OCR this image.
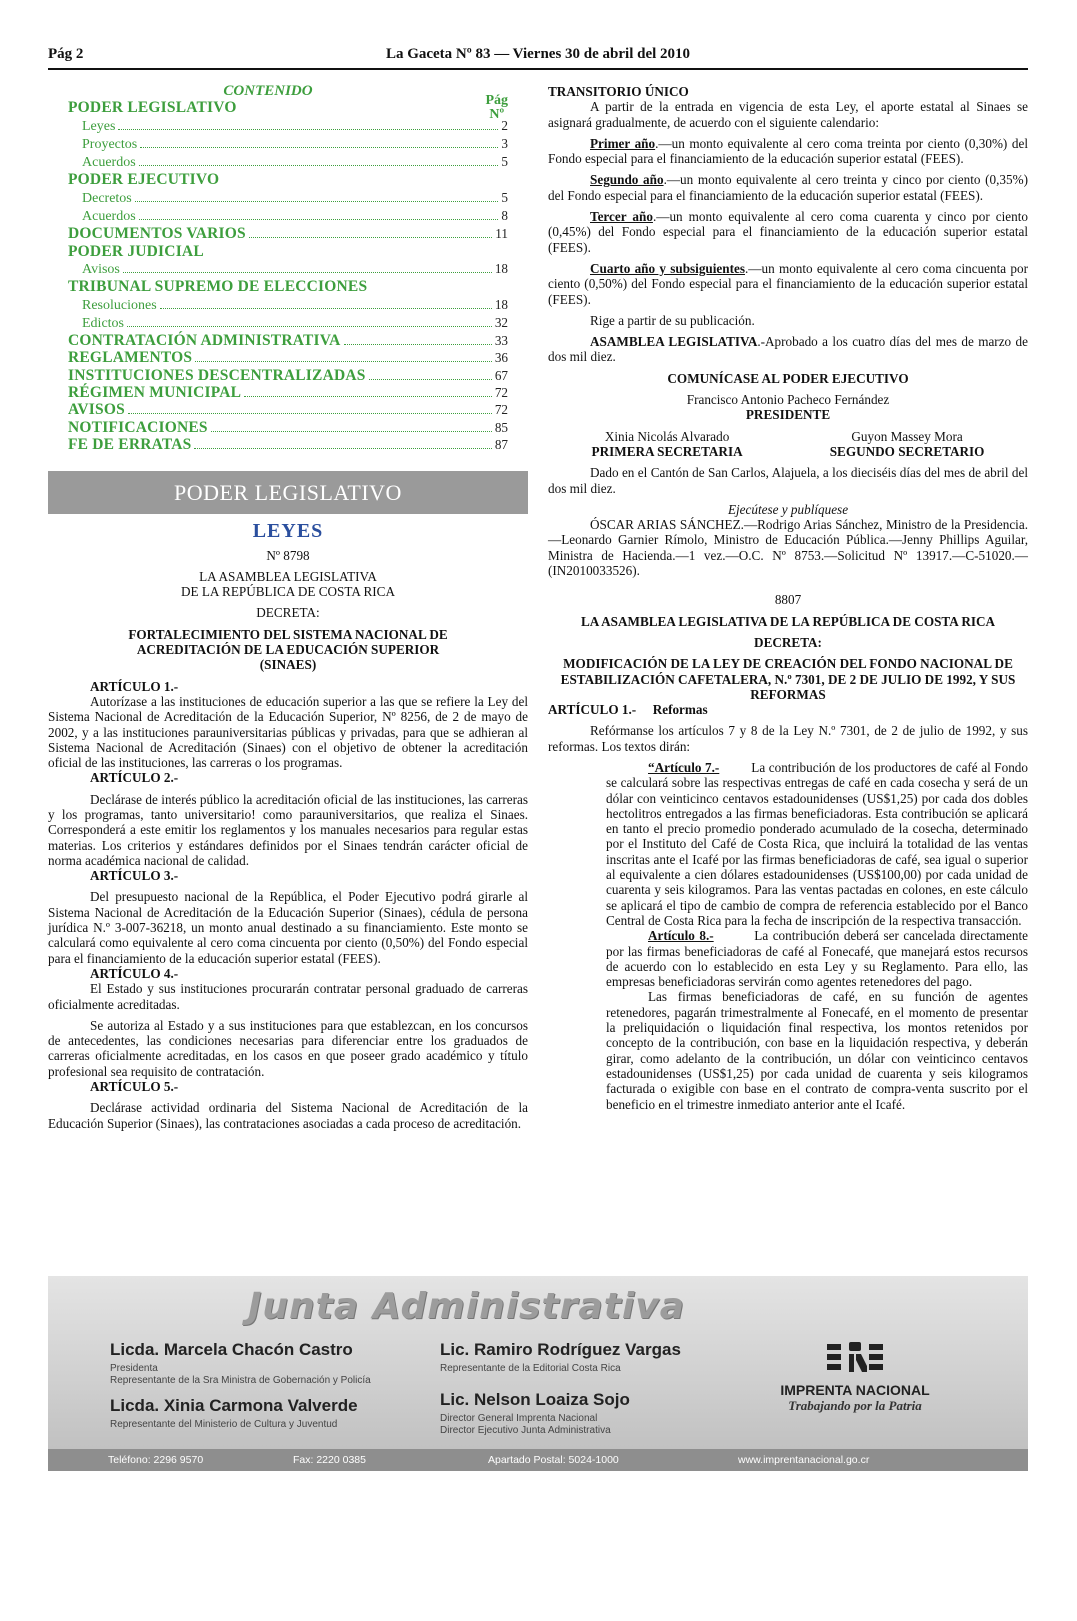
La Gaceta Nº 83 — Viernes 30 de abril del 2010
Pág 2
CONTENIDO
Pág
Nº
PODER LEGISLATIVO
Leyes	2
Proyectos	3
Acuerdos	5
PODER EJECUTIVO
Decretos	5
Acuerdos	8
DOCUMENTOS VARIOS	11
PODER JUDICIAL
Avisos	18
TRIBUNAL SUPREMO DE ELECCIONES
Resoluciones	18
Edictos	32
CONTRATACIÓN ADMINISTRATIVA	33
REGLAMENTOS	36
INSTITUCIONES DESCENTRALIZADAS	67
RÉGIMEN MUNICIPAL	72
AVISOS	72
NOTIFICACIONES	85
FE DE ERRATAS	87
PODER LEGISLATIVO
LEYES

Nº 8798

LA ASAMBLEA LEGISLATIVA

DE LA REPÚBLICA DE COSTA RICA

DECRETA:

FORTALECIMIENTO DEL SISTEMA NACIONAL DE ACREDITACIÓN DE LA EDUCACIÓN SUPERIOR (SINAES)

ARTÍCULO 1.-

Autorízase a las instituciones de educación superior a las que se refiere la Ley del Sistema Nacional de Acreditación de la Educación Superior, Nº 8256, de 2 de mayo de 2002, y a las instituciones parauniversitarias públicas y privadas, para que se adhieran al Sistema Nacional de Acreditación (Sinaes) con el objetivo de obtener la acreditación oficial de las instituciones, las carreras o los programas.

ARTÍCULO 2.-

Declárase de interés público la acreditación oficial de las instituciones, las carreras y los programas, tanto universitario! como parauniversitarios, que realiza el Sinaes. Corresponderá a este emitir los reglamentos y los manuales necesarios para regular estas materias. Los criterios y estándares definidos por el Sinaes tendrán carácter oficial de norma académica nacional de calidad.

ARTÍCULO 3.-

Del presupuesto nacional de la República, el Poder Ejecutivo podrá girarle al Sistema Nacional de Acreditación de la Educación Superior (Sinaes), cédula de persona jurídica N.º 3-007-36218, un monto anual destinado a su financiamiento. Este monto se calculará como equivalente al cero coma cincuenta por ciento (0,50%) del Fondo especial para el financiamiento de la educación superior estatal (FEES).

ARTÍCULO 4.-

El Estado y sus instituciones procurarán contratar personal graduado de carreras oficialmente acreditadas.

Se autoriza al Estado y a sus instituciones para que establezcan, en los concursos de antecedentes, las condiciones necesarias para diferenciar entre los graduados de carreras oficialmente acreditadas, en los casos en que poseer grado académico y título profesional sea requisito de contratación.

ARTÍCULO 5.-

Declárase actividad ordinaria del Sistema Nacional de Acreditación de la Educación Superior (Sinaes), las contrataciones asociadas a cada proceso de acreditación.

TRANSITORIO ÚNICO

A partir de la entrada en vigencia de esta Ley, el aporte estatal al Sinaes se asignará gradualmente, de acuerdo con el siguiente calendario:

Primer año.—un monto equivalente al cero coma treinta por ciento (0,30%) del Fondo especial para el financiamiento de la educación superior estatal (FEES).

Segundo año.—un monto equivalente al cero treinta y cinco por ciento (0,35%) del Fondo especial para el financiamiento de la educación superior estatal (FEES).

Tercer año.—un monto equivalente al cero coma cuarenta y cinco por ciento (0,45%) del Fondo especial para el financiamiento de la educación superior estatal (FEES).

Cuarto año y subsiguientes.—un monto equivalente al cero coma cincuenta por ciento (0,50%) del Fondo especial para el financiamiento de la educación superior estatal (FEES).

Rige a partir de su publicación.

ASAMBLEA LEGISLATIVA.-Aprobado a los cuatro días del mes de marzo de dos mil diez.

COMUNÍCASE AL PODER EJECUTIVO

Francisco Antonio Pacheco Fernández

PRESIDENTE

Xinia Nicolás Alvarado

PRIMERA SECRETARIA

Guyon Massey Mora

SEGUNDO SECRETARIO

Dado en el Cantón de San Carlos, Alajuela, a los dieciséis días del mes de abril del dos mil diez.

Ejecútese y publíquese

ÓSCAR ARIAS SÁNCHEZ.—Rodrigo Arias Sánchez, Ministro de la Presidencia.—Leonardo Garnier Rímolo, Ministro de Educación Pública.—Jenny Phillips Aguilar, Ministra de Hacienda.—1 vez.—O.C. Nº 8753.—Solicitud Nº 13917.—C-51020.—(IN2010033526).

8807

LA ASAMBLEA LEGISLATIVA DE LA REPÚBLICA DE COSTA RICA

DECRETA:

MODIFICACIÓN DE LA LEY DE CREACIÓN DEL FONDO NACIONAL DE ESTABILIZACIÓN CAFETALERA, N.º 7301, DE 2 DE JULIO DE 1992, Y SUS REFORMAS

ARTÍCULO 1.- Reformas

Refórmanse los artículos 7 y 8 de la Ley N.º 7301, de 2 de julio de 1992, y sus reformas. Los textos dirán:

“Artículo 7.- La contribución de los productores de café al Fondo se calculará sobre las respectivas entregas de café en cada cosecha y será de un dólar con veinticinco centavos estadounidenses (US$1,25) por cada dos dobles hectolitros entregados a las firmas beneficiadoras. Esta contribución se aplicará en tanto el precio promedio ponderado acumulado de la cosecha, determinado por el Instituto del Café de Costa Rica, que incluirá la totalidad de las ventas inscritas ante el Icafé por las firmas beneficiadoras de café, sea igual o superior al equivalente a cien dólares estadounidenses (US$100,00) por cada unidad de cuarenta y seis kilogramos. Para las ventas pactadas en colones, en este cálculo se aplicará el tipo de cambio de compra de referencia establecido por el Banco Central de Costa Rica para la fecha de inscripción de la respectiva transacción.

Artículo 8.-	La contribución deberá ser cancelada directamente por las firmas beneficiadoras de café al Fonecafé, que manejará estos recursos de acuerdo con lo establecido en esta Ley y su Reglamento. Para ello, las empresas beneficiadoras servirán como agentes retenedores del pago.

Las firmas beneficiadoras de café, en su función de agentes retenedores, pagarán trimestralmente al Fonecafé, en el momento de presentar la preliquidación o liquidación final respectiva, los montos retenidos por concepto de la contribución, con base en la liquidación respectiva, y deberán girar, como adelanto de la contribución, un dólar con veinticinco centavos estadounidenses (US$1,25) por cada unidad de cuarenta y seis kilogramos facturada o exigible con base en el contrato de compra-venta suscrito por el beneficio en el trimestre inmediato anterior ante el Icafé.

Junta Administrativa
Licda. Marcela Chacón Castro
Presidenta
Representante de la Sra Ministra de Gobernación y Policía
Licda. Xinia Carmona Valverde
Representante del Ministerio de Cultura y Juventud
Lic. Ramiro Rodríguez Vargas
Representante de la Editorial Costa Rica
Lic. Nelson Loaiza Sojo
Director General Imprenta Nacional
Director Ejecutivo Junta Administrativa
IMPRENTA NACIONAL
Trabajando por la Patria
Teléfono: 2296 9570	Fax: 2220 0385	Apartado Postal: 5024-1000	www.imprentanacional.go.cr
